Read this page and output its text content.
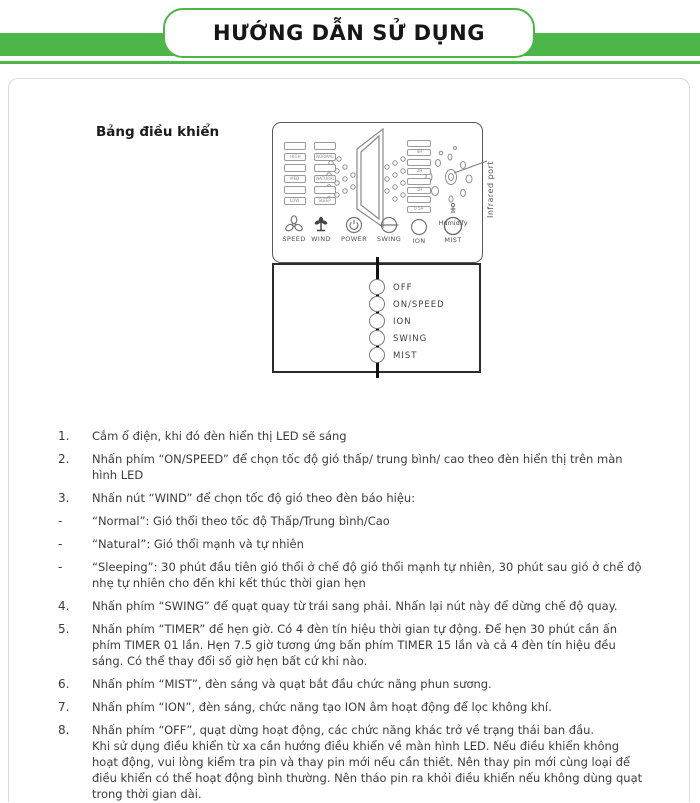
HƯỚNG DẪN SỬ DỤNG
Bảng điều khiển
HIGH
MED
LOW
NORMAL
NATURAL
SLEEP
4H
2H
1H
0.5H
Humidify
SPEED WIND	POWER	SWING	ION	MIST
Infrared port
OFF
ON/SPEED
ION
SWING
MIST
1.	Cắm ổ điện, khi đó đèn hiển thị LED sẽ sáng
2.	Nhấn phím “ON/SPEED” để chọn tốc độ gió thấp/ trung bình/ cao theo đèn hiển thị trên màn hình LED
3.	Nhấn nút “WIND” để chọn tốc độ gió theo đèn báo hiệu:
-	“Normal”: Gió thổi theo tốc độ Thấp/Trung bình/Cao
-	“Natural”: Gió thổi mạnh và tự nhiên
-	“Sleeping”: 30 phút đầu tiên gió thổi ở chế độ gió thổi mạnh tự nhiên, 30 phút sau gió ở chế độ nhẹ tự nhiên cho đến khi kết thúc thời gian hẹn
4.	Nhấn phím “SWING” để quạt quay từ trái sang phải. Nhấn lại nút này để dừng chế độ quay.
5.	Nhấn phím “TIMER” để hẹn giờ. Có 4 đèn tín hiệu thời gian tự động. Để hẹn 30 phút cần ấn phím TIMER 01 lần. Hẹn 7.5 giờ tương ứng bấn phím TIMER 15 lần và cả 4 đèn tín hiệu đều sáng. Có thể thay đổi số giờ hẹn bất cứ khi nào.
6.	Nhấn phím “MIST”, đèn sáng và quạt bắt đầu chức năng phun sương.
7.	Nhấn phím “ION”, đèn sáng, chức năng tạo ION âm hoạt động để lọc không khí.
8.	Nhấn phím “OFF”, quạt dừng hoạt động, các chức năng khác trở về trạng thái ban đầu.
Khi sử dụng điều khiển từ xa cần hướng điều khiển về màn hình LED. Nếu điều khiển không hoạt động, vui lòng kiểm tra pin và thay pin mới nếu cần thiết. Nên thay pin mới cùng loại để điều khiển có thể hoạt động bình thường. Nên tháo pin ra khỏi điều khiển nếu không dùng quạt trong thời gian dài.
